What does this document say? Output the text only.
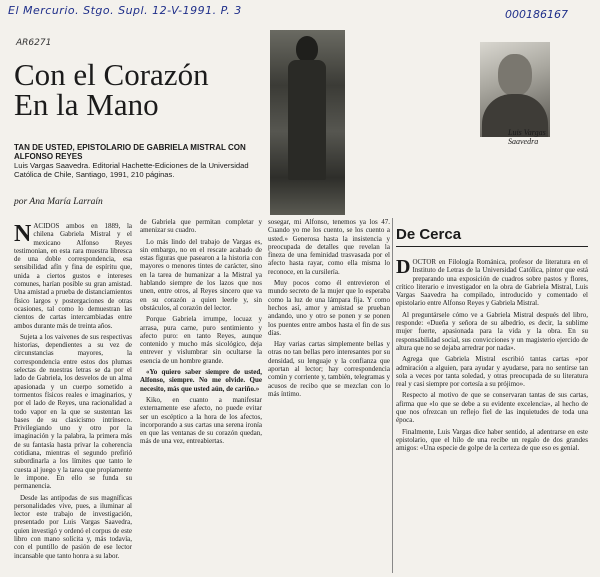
El Mercurio. Stgo. Supl. 12-V-1991. P. 3	000186167
AR6271
Con el Corazón
En la Mano
TAN DE USTED, EPISTOLARIO DE GABRIELA MISTRAL CON ALFONSO REYES
Luis Vargas Saavedra. Editorial Hachette-Ediciones de la Universidad Católica de Chile, Santiago, 1991, 210 páginas.
por Ana María Larraín
Luis Vargas
Saavedra
De Cerca

NACIDOS ambos en 1889, la chilena Gabriela Mistral y el mexicano Alfonso Reyes testimonian, en esta rara muestra libresca de una doble correspondencia, esa sensibilidad afín y fina de espíritu que, unida a ciertos gustos e intereses comunes, harían posible su gran amistad. Una amistad a prueba de distanciamientos físico largos y postergaciones de otras ocasiones, tal como lo demuestran las cientos de cartas intercambiadas entre ambos durante más de treinta años.

Sujeta a los vaivenes de sus respectivas historias, dependientes a su vez de circunstancias mayores, la correspondencia entre estos dos plumas selectas de nuestras letras se da por el lado de Gabriela, los desvelos de un alma apasionada y un cuerpo sometido a tormentos físicos reales e imaginarios, y por el lado de Reyes, una racionalidad a todo vapor en la que se sustentan las bases de su clasicismo intrínseco. Privilegiando uno y otro por la imaginación y la palabra, la primera más de su fantasía hasta privar la coherencia cotidiana, mientras el segundo prefirió subordinarla a los límites que tanto le cuesta al juego y la tarea que propiamente le impone. En ello se funda su permanencia.

Desde las antípodas de sus magníficas personalidades vive, pues, a iluminar al lector este trabajo de investigación, presentado por Luis Vargas Saavedra, quien investigó y ordenó el corpus de este libro con mano solícita y, más todavía, con el puntillo de pasión de ese lector incansable que tanto honra a su labor.

de Gabriela que permitan completar y amenizar su cuadro.

Lo más lindo del trabajo de Vargas es, sin embargo, no en el rescate acabado de estas figuras que pasearon a la historia con mayores o menores tintes de carácter, sino en la tarea de humanizar a la Mistral ya hablando siempre de los lazos que nos unen, entre otros, al Reyes sincero que va en su corazón a quien leerle y, sin obstáculos, al corazón del lector.

Porque Gabriela irrumpe, locuaz y arrasa, pura carne, puro sentimiento y afecto puro: en tanto Reyes, aunque contenido y mucho más sicológico, deja entrever y vislumbrar sin ocultarse la esencia de un hombre grande.

«Yo quiero saber siempre de usted, Alfonso, siempre. No me olvide. Que necesito, más que usted aún, de cariño.»

Kiko, en cuanto a manifestar externamente ese afecto, no puede evitar ser un escéptico a la hora de los afectos, incorporando a sus cartas una serena ironía en que las ventanas de su corazón quedan, más de una vez, entreabiertas.

sosegar, mi Alfonso, tenemos ya los 47. Cuando yo me los cuento, se los cuento a usted.» Generosa hasta la insistencia y preocupada de detalles que revelan la fineza de una feminidad trasvasada por el afecto hasta rayar, como ella misma lo reconoce, en la cursilería.

Muy pocos como él entrevieron el mundo secreto de la mujer que lo esperaba como la luz de una lámpara fija. Y como hechos así, amor y amistad se prueban andando, uno y otro se ponen y se ponen los puentes entre ambos hasta el fin de sus días.

Hay varias cartas simplemente bellas y otras no tan bellas pero interesantes por su densidad, su lenguaje y la confianza que aportan al lector; hay correspondencia común y corriente y, también, telegramas y acusos de recibo que se mezclan con lo más íntimo.

DOCTOR en Filología Románica, profesor de literatura en el Instituto de Letras de la Universidad Católica, pintor que está preparando una exposición de cuadros sobre pastos y flores, crítico literario e investigador en la obra de Gabriela Mistral, Luis Vargas Saavedra ha compilado, introducido y comentado el epistolario entre Alfonso Reyes y Gabriela Mistral.

Al preguntársele cómo ve a Gabriela Mistral después del libro, responde: «Dueña y señora de su albedrío, es decir, la sublime mujer fuerte, apasionada para la vida y la obra. En su responsabilidad social, sus convicciones y un magisterio ejercido de altura que no se dejaba arredrar por nada».

Agrega que Gabriela Mistral escribió tantas cartas «por admiración a alguien, para ayudar y ayudarse, para no sentirse tan sola a veces por tanta soledad, y otras preocupada de su literatura real y casi siempre por cortesía a su prójimo».

Respecto al motivo de que se conservaran tantas de sus cartas, afirma que «lo que se debe a su evidente excelencia», al hecho de que nos ofrezcan un reflejo fiel de las inquietudes de toda una época.

Finalmente, Luis Vargas dice haber sentido, al adentrarse en este epistolario, que el hilo de una recibe un regalo de dos grandes amigos: «Una especie de golpe de la certeza de que eso es genial.
